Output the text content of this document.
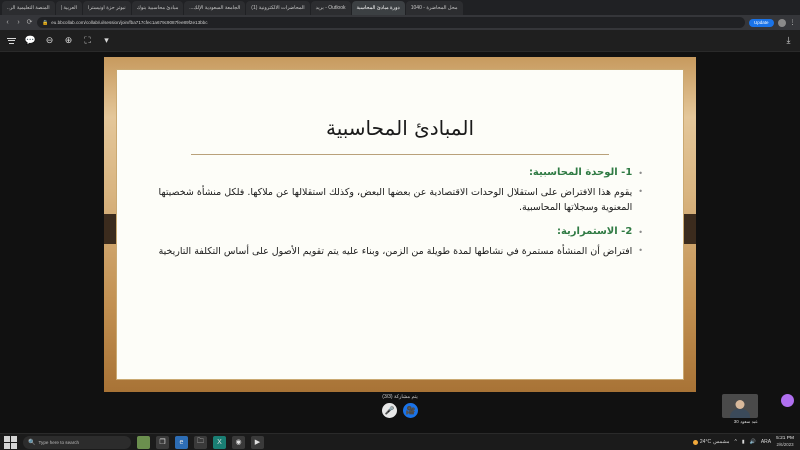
المنصة التعليمية الر..	العربية |	نبوتر حزة اونيسترا	مبادئ محاسبية بنوك	الجامعة السعودية الإلك...	المحاضرات الالكترونية (1)	Outlook - بريد	دورة مبادئ المحاسبة	محل المحاضرة - 1040
‹	› ⟳ 🔒 eu.bbcollab.com/collab/ui/session/join/fba717cfec1a679c9087fee89f2e13bbc	Update	⋮
💬 ⊖ ⊕ ⛶	▾	⤓
المبادئ المحاسبية
•
1- الوحدة المحاسبية:
•
يقوم هذا الافتراض على استقلال الوحدات الاقتصادية عن بعضها البعض، وكذلك استقلالها عن ملاكها. فلكل منشأة شخصيتها المعنوية وسجلاتها المحاسبية.
•
2- الاستمرارية:
•
افتراض أن المنشأة مستمرة في نشاطها لمدة طويلة من الزمن، وبناء عليه يتم تقويم الأصول على أساس التكلفة التاريخية
يتم مشاركة (3/3)
🎤	🎥
عبد سعود 30
🔍 Type here to search	❐	e	🗀	X	◉	▶	24°C مشمس ^ ▮ 🔊 ARA
5:21 PM
2/6/2023
